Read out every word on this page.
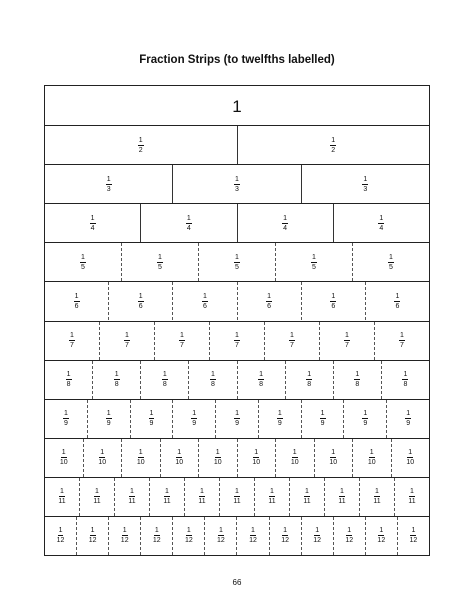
Fraction Strips (to twelfths labelled)
1
$\frac{1}{2}$	$\frac{1}{2}$
$\frac{1}{3}$	$\frac{1}{3}$	$\frac{1}{3}$
$\frac{1}{4}$	$\frac{1}{4}$	$\frac{1}{4}$	$\frac{1}{4}$
$\frac{1}{5}$	$\frac{1}{5}$	$\frac{1}{5}$	$\frac{1}{5}$	$\frac{1}{5}$
$\frac{1}{6}$	$\frac{1}{6}$	$\frac{1}{6}$	$\frac{1}{6}$	$\frac{1}{6}$	$\frac{1}{6}$
$\frac{1}{7}$	$\frac{1}{7}$	$\frac{1}{7}$	$\frac{1}{7}$	$\frac{1}{7}$	$\frac{1}{7}$	$\frac{1}{7}$
$\frac{1}{8}$	$\frac{1}{8}$	$\frac{1}{8}$	$\frac{1}{8}$	$\frac{1}{8}$	$\frac{1}{8}$	$\frac{1}{8}$	$\frac{1}{8}$
$\frac{1}{9}$	$\frac{1}{9}$	$\frac{1}{9}$	$\frac{1}{9}$	$\frac{1}{9}$	$\frac{1}{9}$	$\frac{1}{9}$	$\frac{1}{9}$	$\frac{1}{9}$
$\frac{1}{10}$	$\frac{1}{10}$	$\frac{1}{10}$	$\frac{1}{10}$	$\frac{1}{10}$	$\frac{1}{10}$	$\frac{1}{10}$	$\frac{1}{10}$	$\frac{1}{10}$	$\frac{1}{10}$
$\frac{1}{11}$	$\frac{1}{11}$	$\frac{1}{11}$	$\frac{1}{11}$	$\frac{1}{11}$	$\frac{1}{11}$	$\frac{1}{11}$	$\frac{1}{11}$	$\frac{1}{11}$	$\frac{1}{11}$	$\frac{1}{11}$
$\frac{1}{12}$	$\frac{1}{12}$	$\frac{1}{12}$	$\frac{1}{12}$	$\frac{1}{12}$	$\frac{1}{12}$	$\frac{1}{12}$	$\frac{1}{12}$	$\frac{1}{12}$	$\frac{1}{12}$	$\frac{1}{12}$	$\frac{1}{12}$
66
